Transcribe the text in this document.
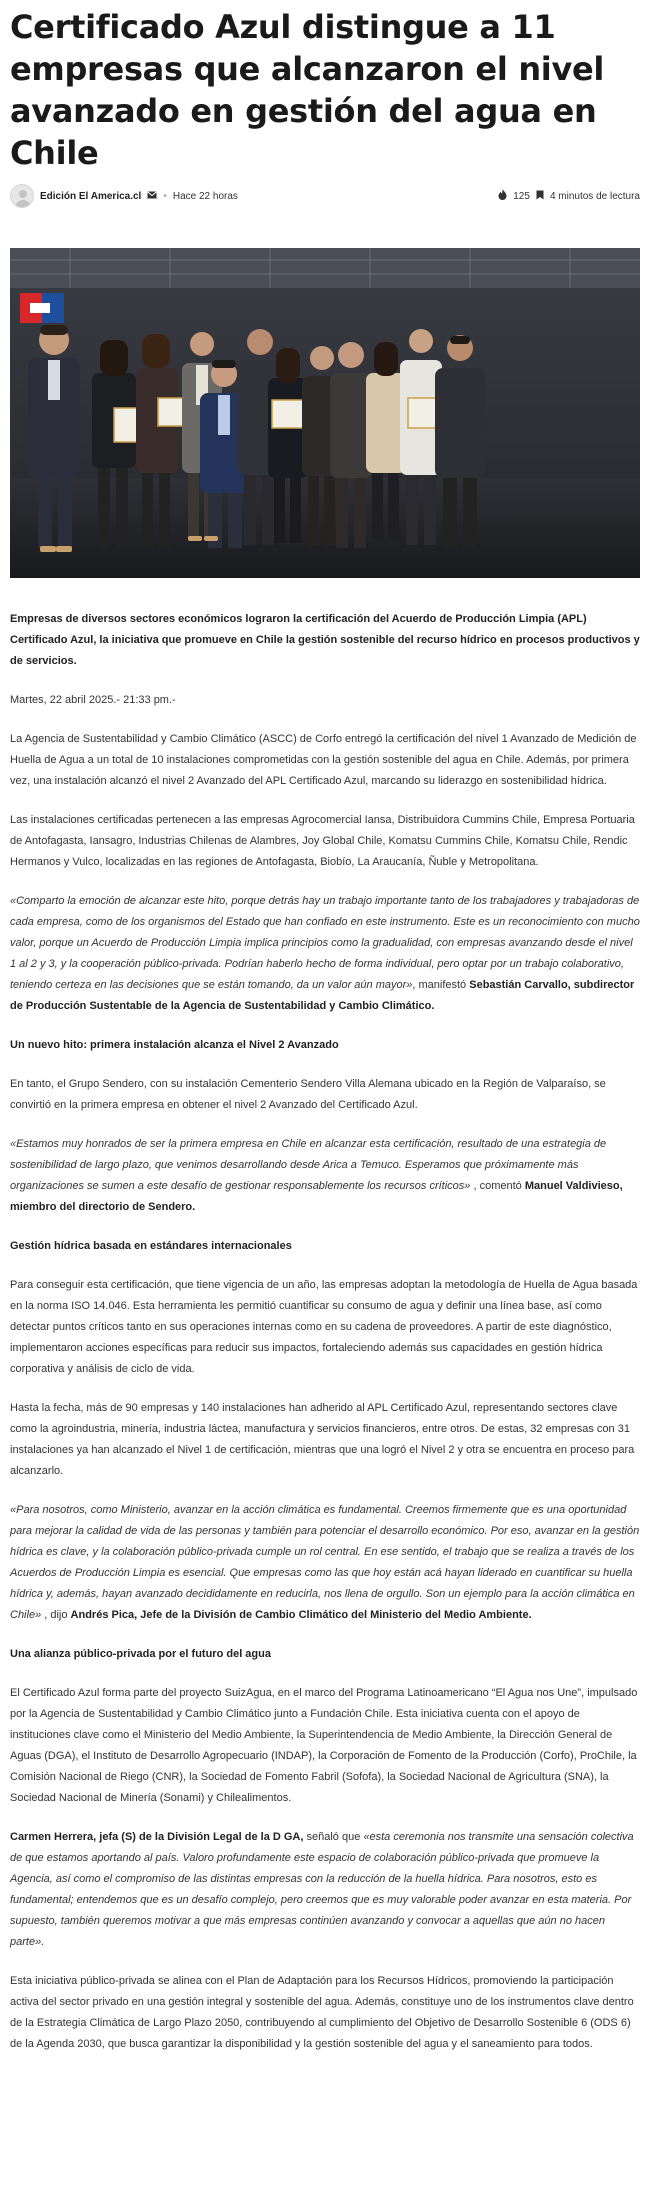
Certificado Azul distingue a 11 empresas que alcanzaron el nivel avanzado en gestión del agua en Chile
Edición El America.cl • Hace 22 horas	125 4 minutos de lectura

Empresas de diversos sectores económicos lograron la certificación del Acuerdo de Producción Limpia (APL) Certificado Azul, la iniciativa que promueve en Chile la gestión sostenible del recurso hídrico en procesos productivos y de servicios.

Martes, 22 abril 2025.- 21:33 pm.-

La Agencia de Sustentabilidad y Cambio Climático (ASCC) de Corfo entregó la certificación del nivel 1 Avanzado de Medición de Huella de Agua a un total de 10 instalaciones comprometidas con la gestión sostenible del agua en Chile. Además, por primera vez, una instalación alcanzó el nivel 2 Avanzado del APL Certificado Azul, marcando su liderazgo en sostenibilidad hídrica.

Las instalaciones certificadas pertenecen a las empresas Agrocomercial Iansa, Distribuidora Cummins Chile, Empresa Portuaria de Antofagasta, Iansagro, Industrias Chilenas de Alambres, Joy Global Chile, Komatsu Cummins Chile, Komatsu Chile, Rendic Hermanos y Vulco, localizadas en las regiones de Antofagasta, Biobío, La Araucanía, Ñuble y Metropolitana.

«Comparto la emoción de alcanzar este hito, porque detrás hay un trabajo importante tanto de los trabajadores y trabajadoras de cada empresa, como de los organismos del Estado que han confiado en este instrumento. Este es un reconocimiento con mucho valor, porque un Acuerdo de Producción Limpia implica principios como la gradualidad, con empresas avanzando desde el nivel 1 al 2 y 3, y la cooperación público-privada. Podrían haberlo hecho de forma individual, pero optar por un trabajo colaborativo, teniendo certeza en las decisiones que se están tomando, da un valor aún mayor», manifestó Sebastián Carvallo, subdirector de Producción Sustentable de la Agencia de Sustentabilidad y Cambio Climático.

Un nuevo hito: primera instalación alcanza el Nivel 2 Avanzado

En tanto, el Grupo Sendero, con su instalación Cementerio Sendero Villa Alemana ubicado en la Región de Valparaíso, se convirtió en la primera empresa en obtener el nivel 2 Avanzado del Certificado Azul.

«Estamos muy honrados de ser la primera empresa en Chile en alcanzar esta certificación, resultado de una estrategia de sostenibilidad de largo plazo, que venimos desarrollando desde Arica a Temuco. Esperamos que próximamente más organizaciones se sumen a este desafío de gestionar responsablemente los recursos críticos» , comentó Manuel Valdivieso, miembro del directorio de Sendero.

Gestión hídrica basada en estándares internacionales

Para conseguir esta certificación, que tiene vigencia de un año, las empresas adoptan la metodología de Huella de Agua basada en la norma ISO 14.046. Esta herramienta les permitió cuantificar su consumo de agua y definir una línea base, así como detectar puntos críticos tanto en sus operaciones internas como en su cadena de proveedores. A partir de este diagnóstico, implementaron acciones específicas para reducir sus impactos, fortaleciendo además sus capacidades en gestión hídrica corporativa y análisis de ciclo de vida.

Hasta la fecha, más de 90 empresas y 140 instalaciones han adherido al APL Certificado Azul, representando sectores clave como la agroindustria, minería, industria láctea, manufactura y servicios financieros, entre otros. De estas, 32 empresas con 31 instalaciones ya han alcanzado el Nivel 1 de certificación, mientras que una logró el Nivel 2 y otra se encuentra en proceso para alcanzarlo.

«Para nosotros, como Ministerio, avanzar en la acción climática es fundamental. Creemos firmemente que es una oportunidad para mejorar la calidad de vida de las personas y también para potenciar el desarrollo económico. Por eso, avanzar en la gestión hídrica es clave, y la colaboración público-privada cumple un rol central. En ese sentido, el trabajo que se realiza a través de los Acuerdos de Producción Limpia es esencial. Que empresas como las que hoy están acá hayan liderado en cuantificar su huella hídrica y, además, hayan avanzado decididamente en reducirla, nos llena de orgullo. Son un ejemplo para la acción climática en Chile» , dijo Andrés Pica, Jefe de la División de Cambio Climático del Ministerio del Medio Ambiente.

Una alianza público-privada por el futuro del agua

El Certificado Azul forma parte del proyecto SuizAgua, en el marco del Programa Latinoamericano “El Agua nos Une”, impulsado por la Agencia de Sustentabilidad y Cambio Climático junto a Fundación Chile. Esta iniciativa cuenta con el apoyo de instituciones clave como el Ministerio del Medio Ambiente, la Superintendencia de Medio Ambiente, la Dirección General de Aguas (DGA), el Instituto de Desarrollo Agropecuario (INDAP), la Corporación de Fomento de la Producción (Corfo), ProChile, la Comisión Nacional de Riego (CNR), la Sociedad de Fomento Fabril (Sofofa), la Sociedad Nacional de Agricultura (SNA), la Sociedad Nacional de Minería (Sonami) y Chilealimentos.

Carmen Herrera, jefa (S) de la División Legal de la D GA, señaló que «esta ceremonia nos transmite una sensación colectiva de que estamos aportando al país. Valoro profundamente este espacio de colaboración público-privada que promueve la Agencia, así como el compromiso de las distintas empresas con la reducción de la huella hídrica. Para nosotros, esto es fundamental; entendemos que es un desafío complejo, pero creemos que es muy valorable poder avanzar en esta materia. Por supuesto, también queremos motivar a que más empresas continúen avanzando y convocar a aquellas que aún no hacen parte».

Esta iniciativa público-privada se alinea con el Plan de Adaptación para los Recursos Hídricos, promoviendo la participación activa del sector privado en una gestión integral y sostenible del agua. Además, constituye uno de los instrumentos clave dentro de la Estrategia Climática de Largo Plazo 2050, contribuyendo al cumplimiento del Objetivo de Desarrollo Sostenible 6 (ODS 6) de la Agenda 2030, que busca garantizar la disponibilidad y la gestión sostenible del agua y el saneamiento para todos.
